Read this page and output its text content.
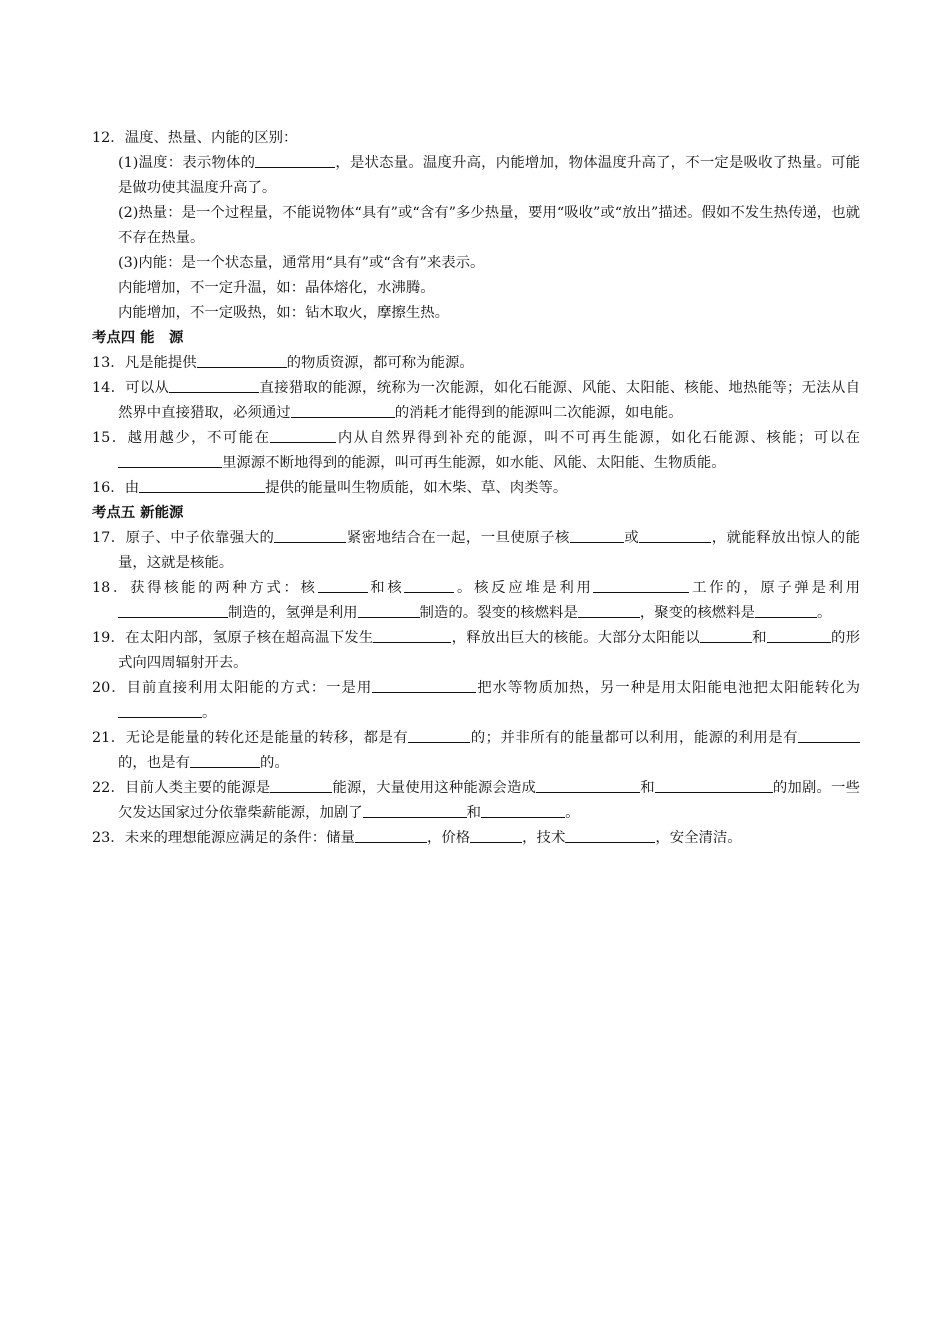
12．温度、热量、内能的区别：
(1)温度：表示物体的	，是状态量。温度升高，内能增加，物体温度升高了，不一定是吸收了热量。可能是做功使其温度升高了。
(2)热量：是一个过程量，不能说物体“具有”或“含有”多少热量，要用“吸收”或“放出”描述。假如不发生热传递，也就不存在热量。
(3)内能：是一个状态量，通常用“具有”或“含有”来表示。
内能增加，不一定升温，如：晶体熔化，水沸腾。
内能增加，不一定吸热，如：钻木取火，摩擦生热。
考点四 能　源
13．凡是能提供	的物质资源，都可称为能源。
14．可以从	直接猎取的能源，统称为一次能源，如化石能源、风能、太阳能、核能、地热能等；无法从自然界中直接猎取，必须通过	的消耗才能得到的能源叫二次能源，如电能。
15．越用越少，不可能在	内从自然界得到补充的能源，叫不可再生能源，如化石能源、核能；可以在里源源不断地得到的能源，叫可再生能源，如水能、风能、太阳能、生物质能。
16．由	提供的能量叫生物质能，如木柴、草、肉类等。
考点五 新能源
17．原子、中子依靠强大的	紧密地结合在一起，一旦使原子核	或	，就能释放出惊人的能量，这就是核能。
18．获得核能的两种方式：核	和核	。核反应堆是利用	工作的，原子弹是利用制造的，氢弹是利用	制造的。裂变的核燃料是	，聚变的核燃料是	。
19．在太阳内部，氢原子核在超高温下发生	，释放出巨大的核能。大部分太阳能以	和	的形式向四周辐射开去。
20．目前直接利用太阳能的方式：一是用	把水等物质加热，另一种是用太阳能电池把太阳能转化为。
21．无论是能量的转化还是能量的转移，都是有	的；并非所有的能量都可以利用，能源的利用是有的，也是有	的。
22．目前人类主要的能源是	能源，大量使用这种能源会造成	和	的加剧。一些欠发达国家过分依靠柴薪能源，加剧了	和	。
23．未来的理想能源应满足的条件：储量	，价格	，技术	，安全清洁。
